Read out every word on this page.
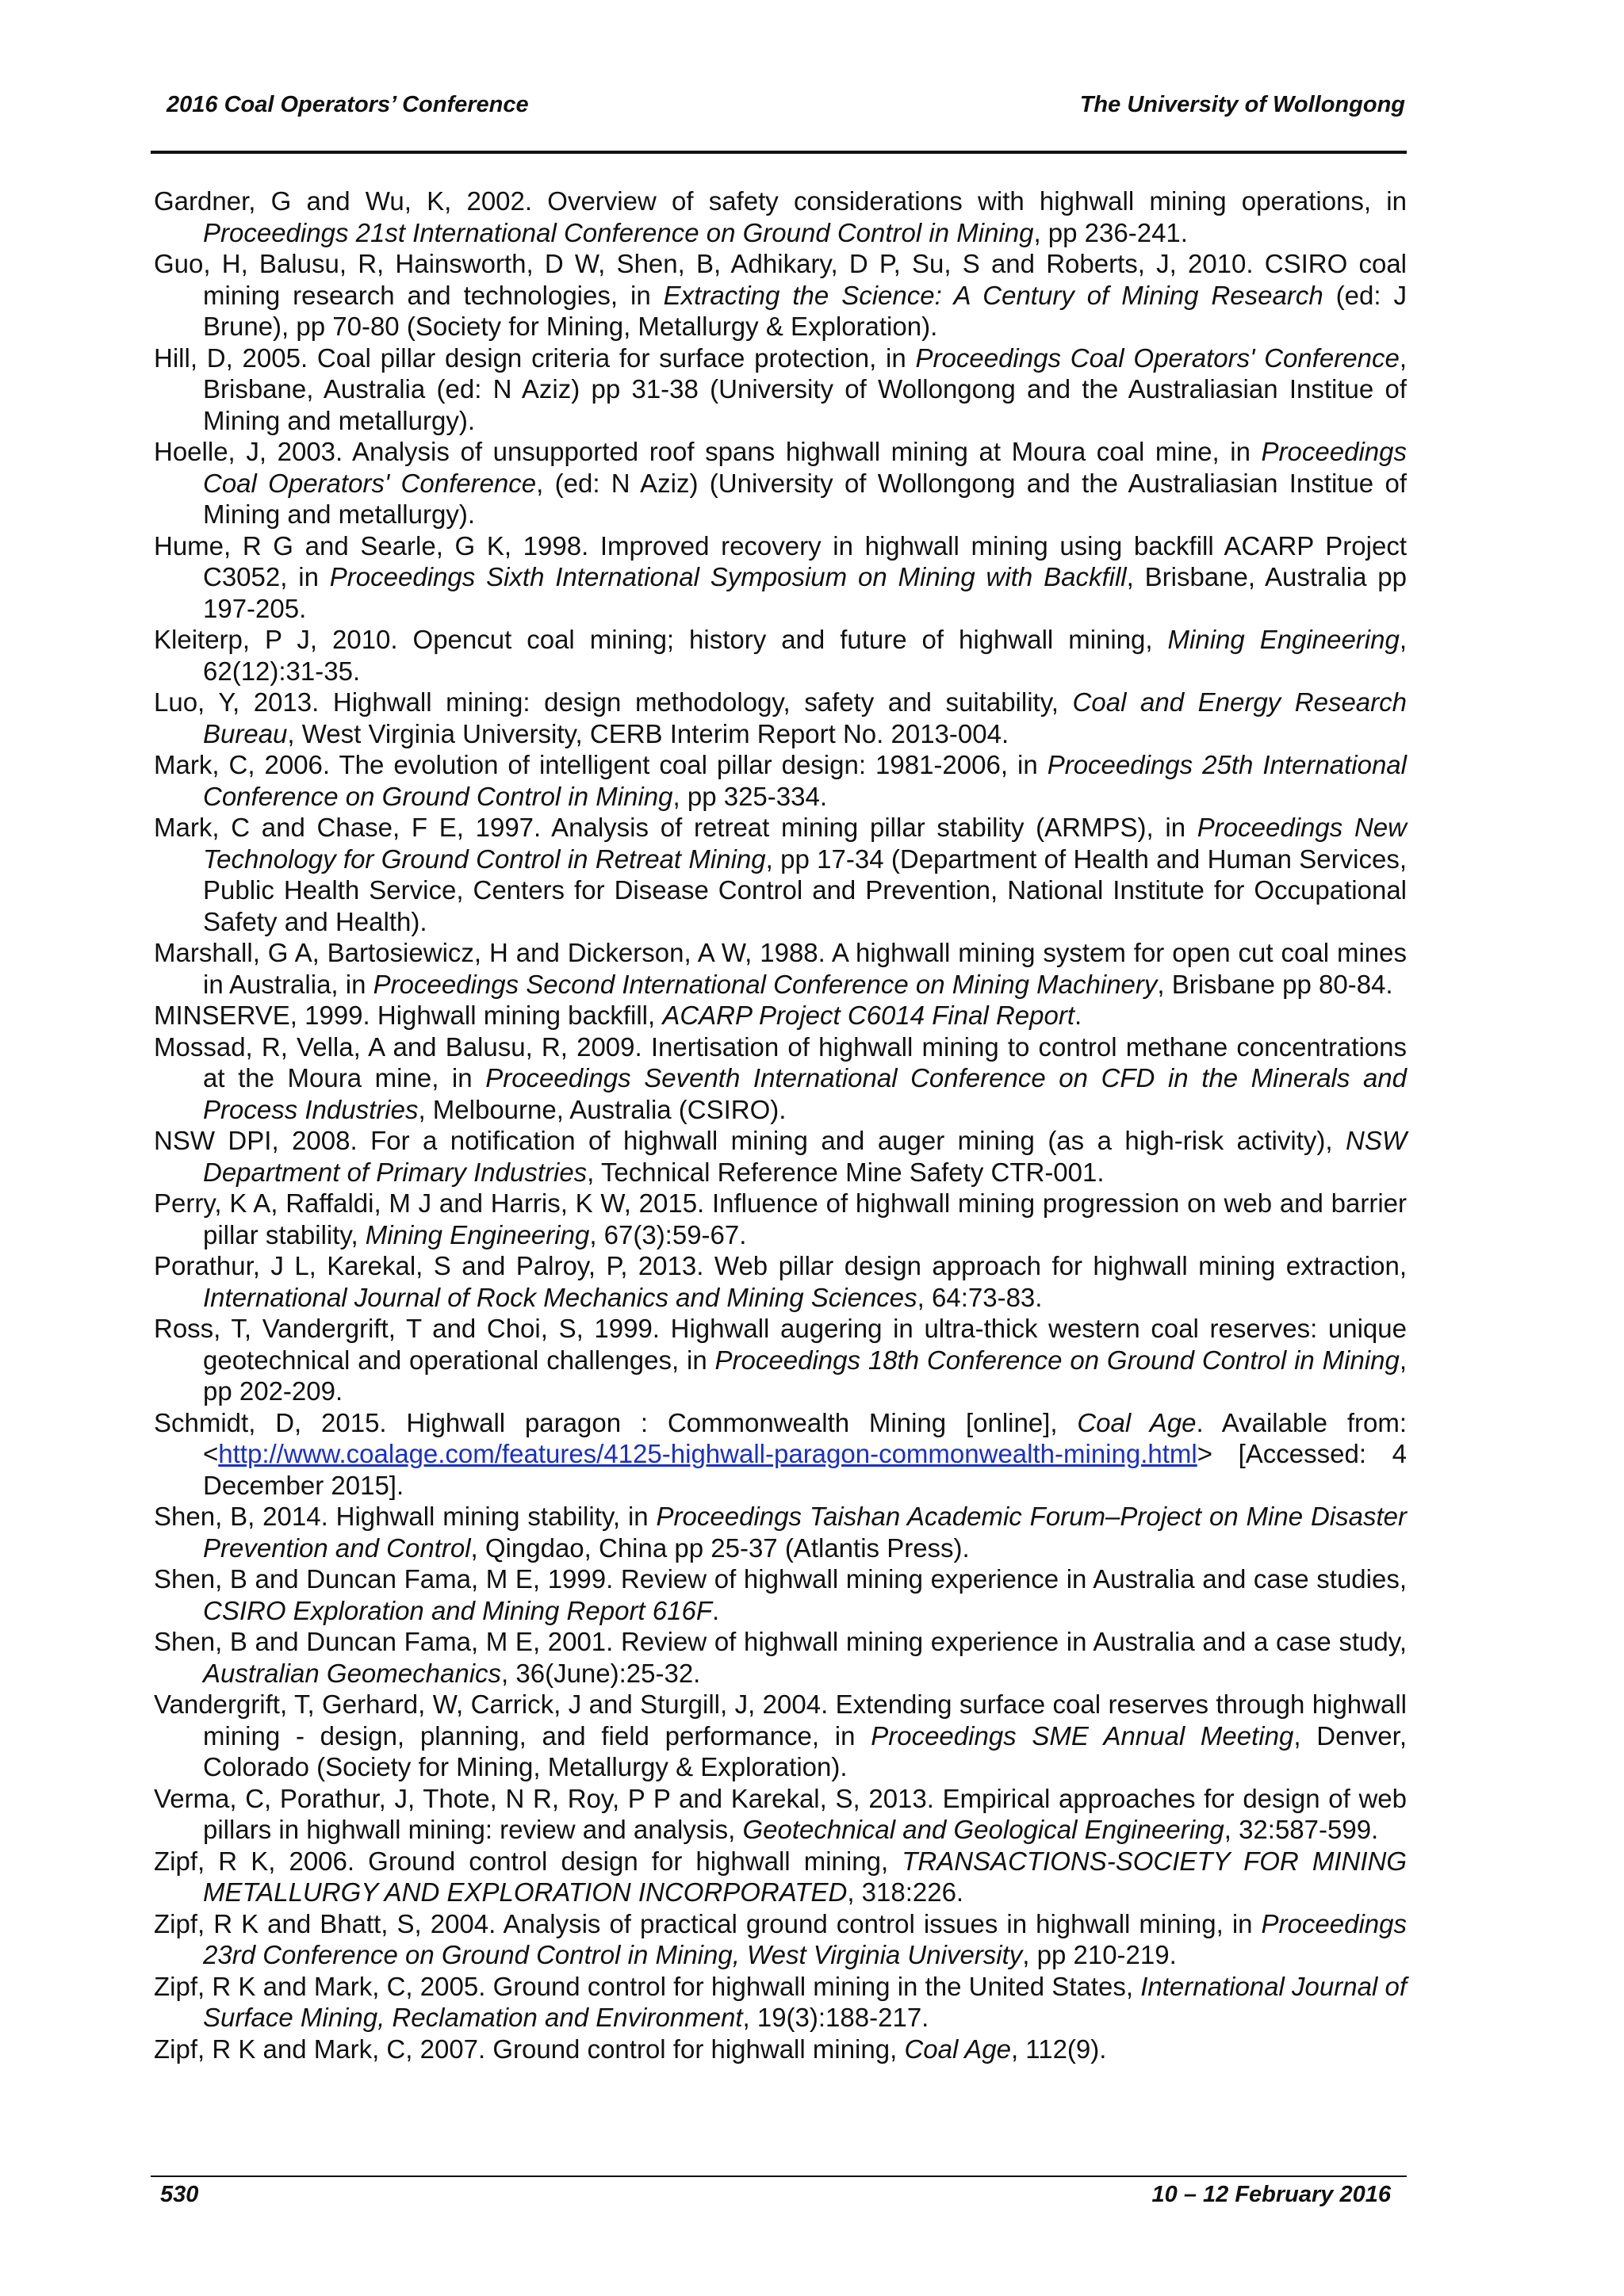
2016 Coal Operators’ Conference	The University of Wollongong

Gardner, G and Wu, K, 2002. Overview of safety considerations with highwall mining operations, in Proceedings 21st International Conference on Ground Control in Mining, pp 236-241.

Guo, H, Balusu, R, Hainsworth, D W, Shen, B, Adhikary, D P, Su, S and Roberts, J, 2010. CSIRO coal mining research and technologies, in Extracting the Science: A Century of Mining Research (ed: J Brune), pp 70-80 (Society for Mining, Metallurgy & Exploration).

Hill, D, 2005. Coal pillar design criteria for surface protection, in Proceedings Coal Operators' Conference, Brisbane, Australia (ed: N Aziz) pp 31-38 (University of Wollongong and the Australiasian Institue of Mining and metallurgy).

Hoelle, J, 2003. Analysis of unsupported roof spans highwall mining at Moura coal mine, in Proceedings Coal Operators' Conference, (ed: N Aziz) (University of Wollongong and the Australiasian Institue of Mining and metallurgy).

Hume, R G and Searle, G K, 1998. Improved recovery in highwall mining using backfill ACARP Project C3052, in Proceedings Sixth International Symposium on Mining with Backfill, Brisbane, Australia pp 197-205.

Kleiterp, P J, 2010. Opencut coal mining; history and future of highwall mining, Mining Engineering, 62(12):31-35.

Luo, Y, 2013. Highwall mining: design methodology, safety and suitability, Coal and Energy Research Bureau, West Virginia University, CERB Interim Report No. 2013-004.

Mark, C, 2006. The evolution of intelligent coal pillar design: 1981-2006, in Proceedings 25th International Conference on Ground Control in Mining, pp 325-334.

Mark, C and Chase, F E, 1997. Analysis of retreat mining pillar stability (ARMPS), in Proceedings New Technology for Ground Control in Retreat Mining, pp 17-34 (Department of Health and Human Services, Public Health Service, Centers for Disease Control and Prevention, National Institute for Occupational Safety and Health).

Marshall, G A, Bartosiewicz, H and Dickerson, A W, 1988. A highwall mining system for open cut coal mines in Australia, in Proceedings Second International Conference on Mining Machinery, Brisbane pp 80-84.

MINSERVE, 1999. Highwall mining backfill, ACARP Project C6014 Final Report.

Mossad, R, Vella, A and Balusu, R, 2009. Inertisation of highwall mining to control methane concentrations at the Moura mine, in Proceedings Seventh International Conference on CFD in the Minerals and Process Industries, Melbourne, Australia (CSIRO).

NSW DPI, 2008. For a notification of highwall mining and auger mining (as a high-risk activity), NSW Department of Primary Industries, Technical Reference Mine Safety CTR-001.

Perry, K A, Raffaldi, M J and Harris, K W, 2015. Influence of highwall mining progression on web and barrier pillar stability, Mining Engineering, 67(3):59-67.

Porathur, J L, Karekal, S and Palroy, P, 2013. Web pillar design approach for highwall mining extraction, International Journal of Rock Mechanics and Mining Sciences, 64:73-83.

Ross, T, Vandergrift, T and Choi, S, 1999. Highwall augering in ultra-thick western coal reserves: unique geotechnical and operational challenges, in Proceedings 18th Conference on Ground Control in Mining, pp 202-209.

Schmidt, D, 2015. Highwall paragon : Commonwealth Mining [online], Coal Age. Available from: <http://www.coalage.com/features/4125-highwall-paragon-commonwealth-mining.html> [Accessed: 4 December 2015].

Shen, B, 2014. Highwall mining stability, in Proceedings Taishan Academic Forum–Project on Mine Disaster Prevention and Control, Qingdao, China pp 25-37 (Atlantis Press).

Shen, B and Duncan Fama, M E, 1999. Review of highwall mining experience in Australia and case studies, CSIRO Exploration and Mining Report 616F.

Shen, B and Duncan Fama, M E, 2001. Review of highwall mining experience in Australia and a case study, Australian Geomechanics, 36(June):25-32.

Vandergrift, T, Gerhard, W, Carrick, J and Sturgill, J, 2004. Extending surface coal reserves through highwall mining - design, planning, and field performance, in Proceedings SME Annual Meeting, Denver, Colorado (Society for Mining, Metallurgy & Exploration).

Verma, C, Porathur, J, Thote, N R, Roy, P P and Karekal, S, 2013. Empirical approaches for design of web pillars in highwall mining: review and analysis, Geotechnical and Geological Engineering, 32:587-599.

Zipf, R K, 2006. Ground control design for highwall mining, TRANSACTIONS-SOCIETY FOR MINING METALLURGY AND EXPLORATION INCORPORATED, 318:226.

Zipf, R K and Bhatt, S, 2004. Analysis of practical ground control issues in highwall mining, in Proceedings 23rd Conference on Ground Control in Mining, West Virginia University, pp 210-219.

Zipf, R K and Mark, C, 2005. Ground control for highwall mining in the United States, International Journal of Surface Mining, Reclamation and Environment, 19(3):188-217.

Zipf, R K and Mark, C, 2007. Ground control for highwall mining, Coal Age, 112(9).

530	10 – 12 February 2016
